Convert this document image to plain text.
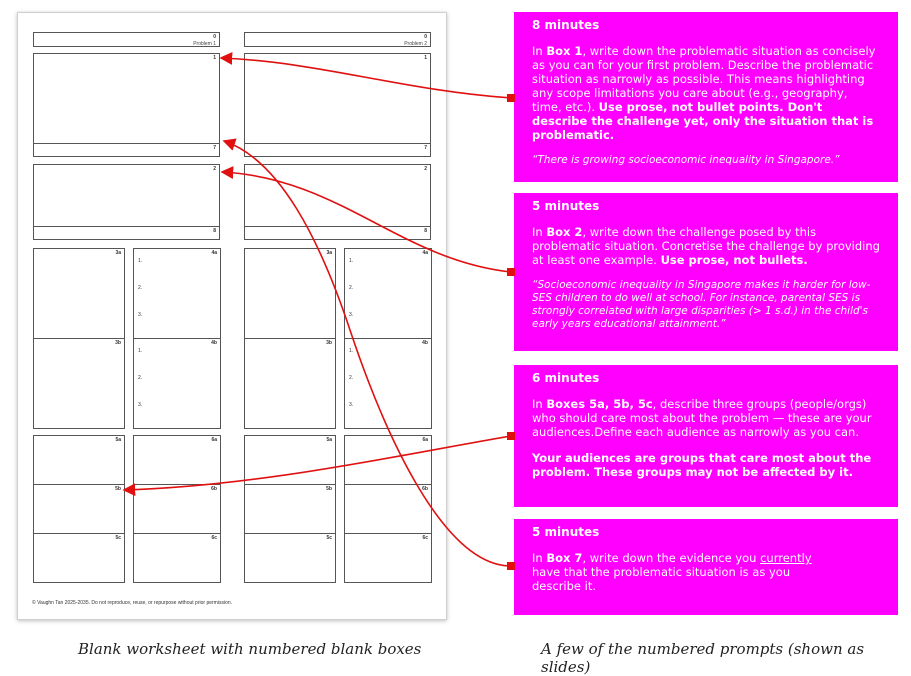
0
Problem 1
1
7
2
8
3a
3b
4a
1.
2.
3.
4b
1.
2.
3.
5a
5b
5c
6a
6b
6c
0
Problem 2
1
7
2
8
3a
3b
4a
1.
2.
3.
4b
1.
2.
3.
5a
5b
5c
6a
6b
6c
© Vaughn Tan 2025-2035. Do not reproduce, reuse, or repurpose without prior permission.
8 minutes

In Box 1, write down the problematic situation as concisely as you can for your first problem. Describe the problematic situation as narrowly as possible. This means highlighting any scope limitations you care about (e.g., geography, time, etc.). Use prose, not bullet points. Don't describe the challenge yet, only the situation that is problematic.

“There is growing socioeconomic inequality in Singapore.”

5 minutes

In Box 2, write down the challenge posed by this problematic situation. Concretise the challenge by providing at least one example. Use prose, not bullets.

“Socioeconomic inequality in Singapore makes it harder for low-SES children to do well at school. For instance, parental SES is strongly correlated with large disparities (> 1 s.d.) in the child's early years educational attainment.”

6 minutes

In Boxes 5a, 5b, 5c, describe three groups (people/orgs) who should care most about the problem — these are your audiences.Define each audience as narrowly as you can.

Your audiences are groups that care most about the problem. These groups may not be affected by it.

5 minutes

In Box 7, write down the evidence you currently have that the problematic situation is as you describe it.

Blank worksheet with numbered blank boxes	A few of the numbered prompts (shown as slides)
